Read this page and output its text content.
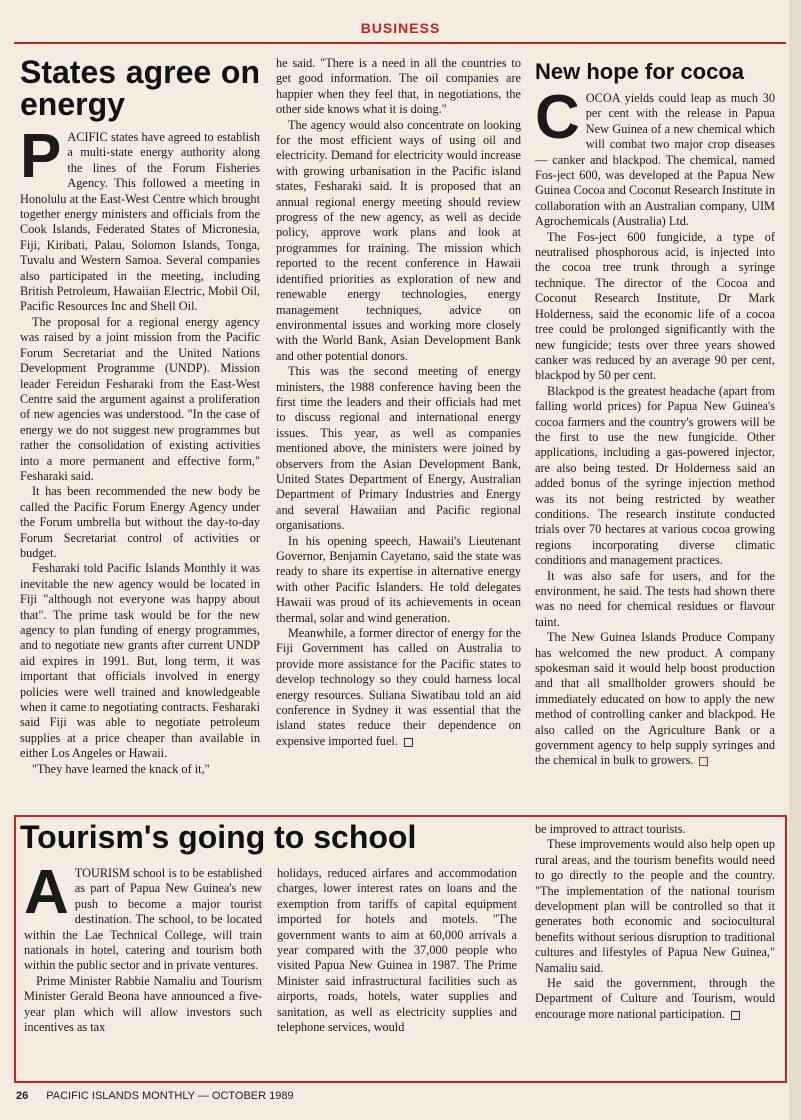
BUSINESS
States agree on energy

PACIFIC states have agreed to establish a multi-state energy authority along the lines of the Forum Fisheries Agency. This followed a meeting in Honolulu at the East-West Centre which brought together energy ministers and officials from the Cook Islands, Federated States of Micronesia, Fiji, Kiribati, Palau, Solomon Islands, Tonga, Tuvalu and Western Samoa. Several companies also participated in the meeting, including British Petroleum, Hawaiian Electric, Mobil Oil, Pacific Resources Inc and Shell Oil.

The proposal for a regional energy agency was raised by a joint mission from the Pacific Forum Secretariat and the United Nations Development Programme (UNDP). Mission leader Fereidun Fesharaki from the East-West Centre said the argument against a proliferation of new agencies was understood. "In the case of energy we do not suggest new programmes but rather the consolidation of existing activities into a more permanent and effective form," Fesharaki said.

It has been recommended the new body be called the Pacific Forum Energy Agency under the Forum umbrella but without the day-to-day Forum Secretariat control of activities or budget.

Fesharaki told Pacific Islands Monthly it was inevitable the new agency would be located in Fiji "although not everyone was happy about that". The prime task would be for the new agency to plan funding of energy programmes, and to negotiate new grants after current UNDP aid expires in 1991. But, long term, it was important that officials involved in energy policies were well trained and knowledgeable when it came to negotiating contracts. Fesharaki said Fiji was able to negotiate petroleum supplies at a price cheaper than available in either Los Angeles or Hawaii.

"They have learned the knack of it,"

he said. "There is a need in all the countries to get good information. The oil companies are happier when they feel that, in negotiations, the other side knows what it is doing."

The agency would also concentrate on looking for the most efficient ways of using oil and electricity. Demand for electricity would increase with growing urbanisation in the Pacific island states, Fesharaki said. It is proposed that an annual regional energy meeting should review progress of the new agency, as well as decide policy, approve work plans and look at programmes for training. The mission which reported to the recent conference in Hawaii identified priorities as exploration of new and renewable energy technologies, energy management techniques, advice on environmental issues and working more closely with the World Bank, Asian Development Bank and other potential donors.

This was the second meeting of energy ministers, the 1988 conference having been the first time the leaders and their officials had met to discuss regional and international energy issues. This year, as well as companies mentioned above, the ministers were joined by observers from the Asian Development Bank, United States Department of Energy, Australian Department of Primary Industries and Energy and several Hawaiian and Pacific regional organisations.

In his opening speech, Hawaii's Lieutenant Governor, Benjamin Cayetano, said the state was ready to share its expertise in alternative energy with other Pacific Islanders. He told delegates Hawaii was proud of its achievements in ocean thermal, solar and wind generation.

Meanwhile, a former director of energy for the Fiji Government has called on Australia to provide more assistance for the Pacific states to develop technology so they could harness local energy resources. Suliana Siwatibau told an aid conference in Sydney it was essential that the island states reduce their dependence on expensive imported fuel.

New hope for cocoa

COCOA yields could leap as much 30 per cent with the release in Papua New Guinea of a new chemical which will combat two major crop diseases — canker and blackpod. The chemical, named Fos-ject 600, was developed at the Papua New Guinea Cocoa and Coconut Research Institute in collaboration with an Australian company, UIM Agrochemicals (Australia) Ltd.

The Fos-ject 600 fungicide, a type of neutralised phosphorous acid, is injected into the cocoa tree trunk through a syringe technique. The director of the Cocoa and Coconut Research Institute, Dr Mark Holderness, said the economic life of a cocoa tree could be prolonged significantly with the new fungicide; tests over three years showed canker was reduced by an average 90 per cent, blackpod by 50 per cent.

Blackpod is the greatest headache (apart from falling world prices) for Papua New Guinea's cocoa farmers and the country's growers will be the first to use the new fungicide. Other applications, including a gas-powered injector, are also being tested. Dr Holderness said an added bonus of the syringe injection method was its not being restricted by weather conditions. The research institute conducted trials over 70 hectares at various cocoa growing regions incorporating diverse climatic conditions and management practices.

It was also safe for users, and for the environment, he said. The tests had shown there was no need for chemical residues or flavour taint.

The New Guinea Islands Produce Company has welcomed the new product. A company spokesman said it would help boost production and that all smallholder growers should be immediately educated on how to apply the new method of controlling canker and blackpod. He also called on the Agriculture Bank or a government agency to help supply syringes and the chemical in bulk to growers.

Tourism's going to school

ATOURISM school is to be established as part of Papua New Guinea's new push to become a major tourist destination. The school, to be located within the Lae Technical College, will train nationals in hotel, catering and tourism both within the public sector and in private ventures.

Prime Minister Rabbie Namaliu and Tourism Minister Gerald Beona have announced a five-year plan which will allow investors such incentives as tax

holidays, reduced airfares and accommodation charges, lower interest rates on loans and the exemption from tariffs of capital equipment imported for hotels and motels. "The government wants to aim at 60,000 arrivals a year compared with the 37,000 people who visited Papua New Guinea in 1987. The Prime Minister said infrastructural facilities such as airports, roads, hotels, water supplies and sanitation, as well as electricity supplies and telephone services, would

be improved to attract tourists.

These improvements would also help open up rural areas, and the tourism benefits would need to go directly to the people and the country. "The implementation of the national tourism development plan will be controlled so that it generates both economic and sociocultural benefits without serious disruption to traditional cultures and lifestyles of Papua New Guinea," Namaliu said.

He said the government, through the Department of Culture and Tourism, would encourage more national participation.

26 PACIFIC ISLANDS MONTHLY — OCTOBER 1989
